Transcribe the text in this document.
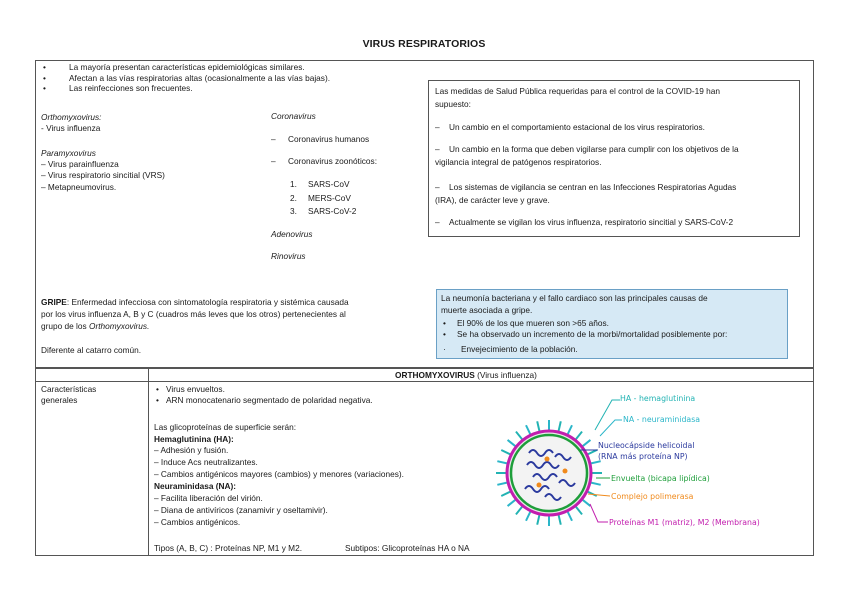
VIRUS RESPIRATORIOS
• La mayoría presentan características epidemiológicas similares.
• Afectan a las vías respiratorias altas (ocasionalmente a las vías bajas).
• Las reinfecciones son frecuentes.
Orthomyxovirus:
- Virus influenza
Paramyxovirus
– Virus parainfluenza
– Virus respiratorio sincitial (VRS)
– Metapneumovirus.
Coronavirus
– Coronavirus humanos
– Coronavirus zoonóticos:
1. SARS-CoV
2. MERS-CoV
3. SARS-CoV-2
Adenovirus
Rinovirus
Las medidas de Salud Pública requeridas para el control de la COVID-19 han
supuesto:
– Un cambio en el comportamiento estacional de los virus respiratorios.
– Un cambio en la forma que deben vigilarse para cumplir con los objetivos de la
vigilancia integral de patógenos respiratorios.
– Los sistemas de vigilancia se centran en las Infecciones Respiratorias Agudas
(IRA), de carácter leve y grave.
– Actualmente se vigilan los virus influenza, respiratorio sincitial y SARS-CoV-2
GRIPE: Enfermedad infecciosa con sintomatología respiratoria y sistémica causada
por los virus influenza A, B y C (cuadros más leves que los otros) pertenecientes al
grupo de los Orthomyxovirus.
Diferente al catarro común.
La neumonía bacteriana y el fallo cardiaco son las principales causas de
muerte asociada a gripe.
• El 90% de los que mueren son >65 años.
• Se ha observado un incremento de la morbi/mortalidad posiblemente por:
· Envejecimiento de la población.
ORTHOMYXOVIRUS (Virus influenza)
Características
generales
• Virus envueltos.
• ARN monocatenario segmentado de polaridad negativa.
Las glicoproteínas de superficie serán:
Hemaglutinina (HA):
– Adhesión y fusión.
– Induce Acs neutralizantes.
– Cambios antigénicos mayores (cambios) y menores (variaciones).
Neuraminidasa (NA):
– Facilita liberación del virión.
– Diana de antivíricos (zanamivir y oseltamivir).
– Cambios antigénicos.
Tipos (A, B, C) : Proteínas NP, M1 y M2.	Subtipos: Glicoproteínas HA o NA
HA - hemaglutinina
NA - neuraminidasa
Nucleocápside helicoidal
(RNA más proteína NP)
Envuelta (bicapa lipídica)
Complejo polimerasa
Proteínas M1 (matriz), M2 (Membrana)
